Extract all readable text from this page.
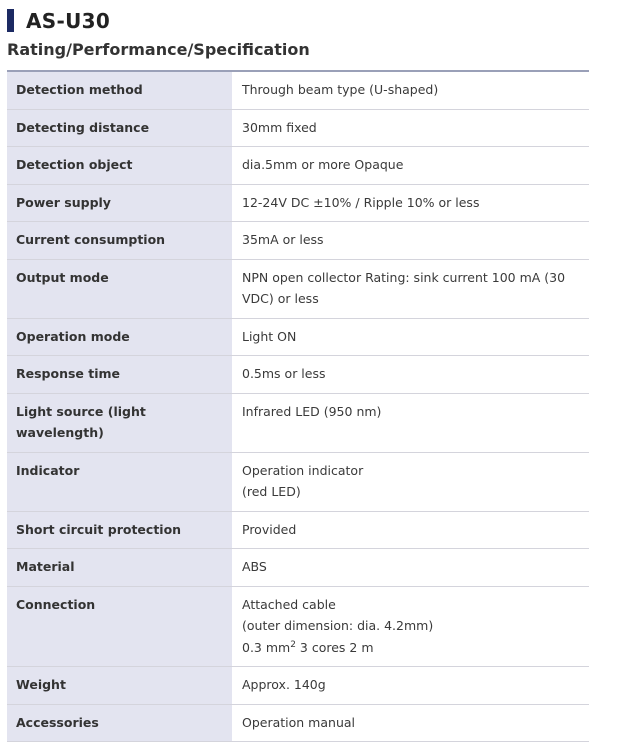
AS-U30
Rating/Performance/Specification
Detection method	Through beam type (U-shaped)
Detecting distance	30mm fixed
Detection object	dia.5mm or more Opaque
Power supply	12-24V DC ±10% / Ripple 10% or less
Current consumption	35mA or less
Output mode	NPN open collector Rating: sink current 100 mA (30 VDC) or less
Operation mode	Light ON
Response time	0.5ms or less
Light source (light wavelength)	Infrared LED (950 nm)
Indicator	Operation indicator
(red LED)

Short circuit protection	Provided
Material	ABS
Connection	Attached cable
(outer dimension: dia. 4.2mm)
0.3 $mm^2$ 3 cores 2 m

Weight	Approx. 140g
Accessories	Operation manual
